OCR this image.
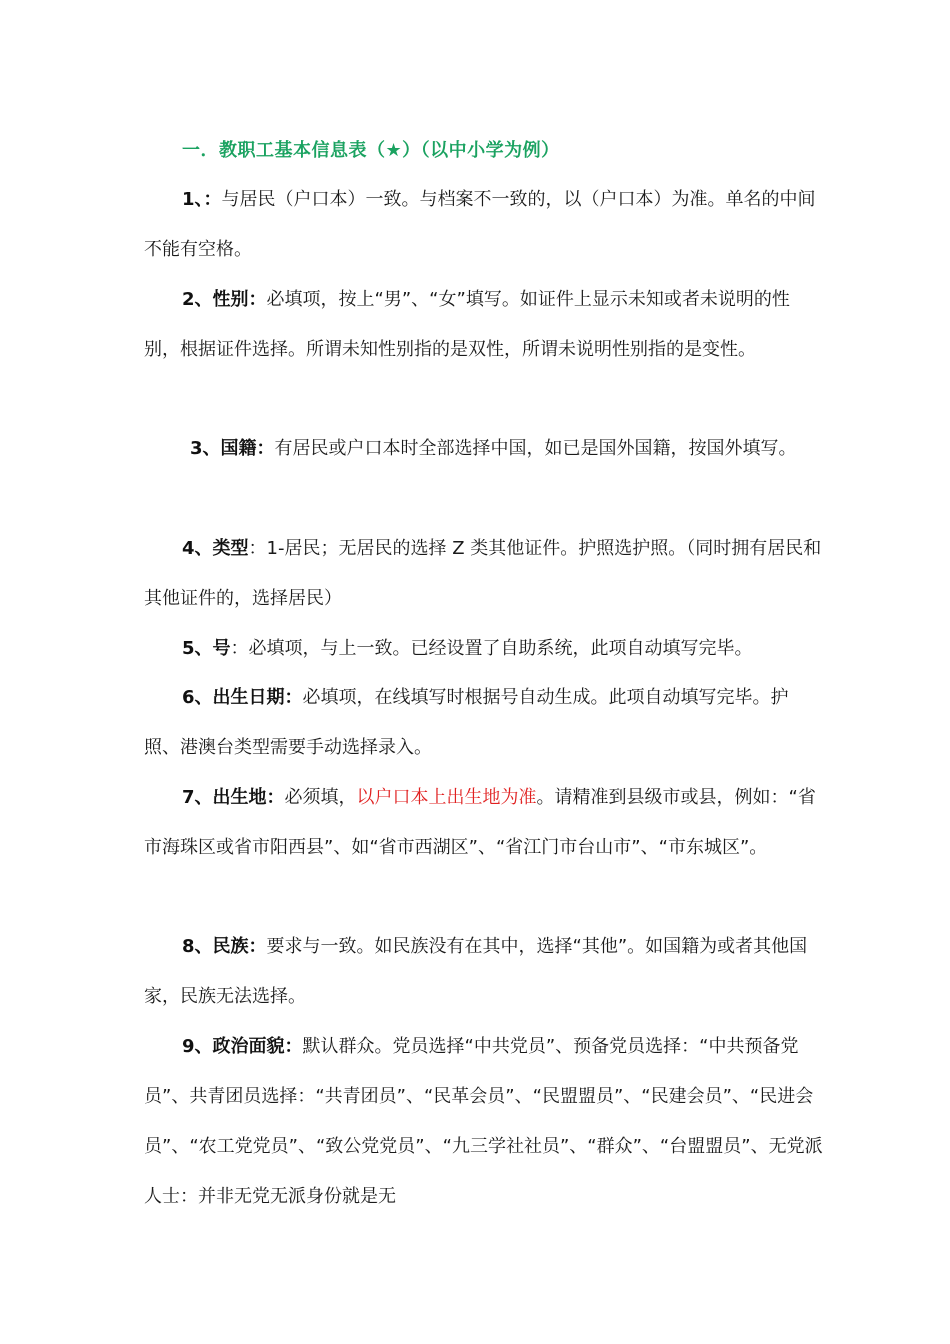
一．教职工基本信息表（★）（以中小学为例）

1、：与居民（户口本）一致。与档案不一致的，以（户口本）为准。单名的中间不能有空格。

2、性别：必填项，按上“男”、“女”填写。如证件上显示未知或者未说明的性别，根据证件选择。所谓未知性别指的是双性，所谓未说明性别指的是变性。

3、国籍：有居民或户口本时全部选择中国，如已是国外国籍，按国外填写。

4、类型：1-居民；无居民的选择 Z 类其他证件。护照选护照。（同时拥有居民和其他证件的，选择居民）

5、号：必填项，与上一致。已经设置了自助系统，此项自动填写完毕。

6、出生日期：必填项，在线填写时根据号自动生成。此项自动填写完毕。护照、港澳台类型需要手动选择录入。

7、出生地：必须填，以户口本上出生地为准。请精准到县级市或县，例如：“省市海珠区或省市阳西县”、如“省市西湖区”、“省江门市台山市”、“市东城区”。

8、民族：要求与一致。如民族没有在其中，选择“其他”。如国籍为或者其他国家，民族无法选择。

9、政治面貌：默认群众。党员选择“中共党员”、预备党员选择：“中共预备党员”、共青团员选择：“共青团员”、“民革会员”、“民盟盟员”、“民建会员”、“民进会员”、“农工党党员”、“致公党党员”、“九三学社社员”、“群众”、“台盟盟员”、无党派人士：并非无党无派身份就是无
